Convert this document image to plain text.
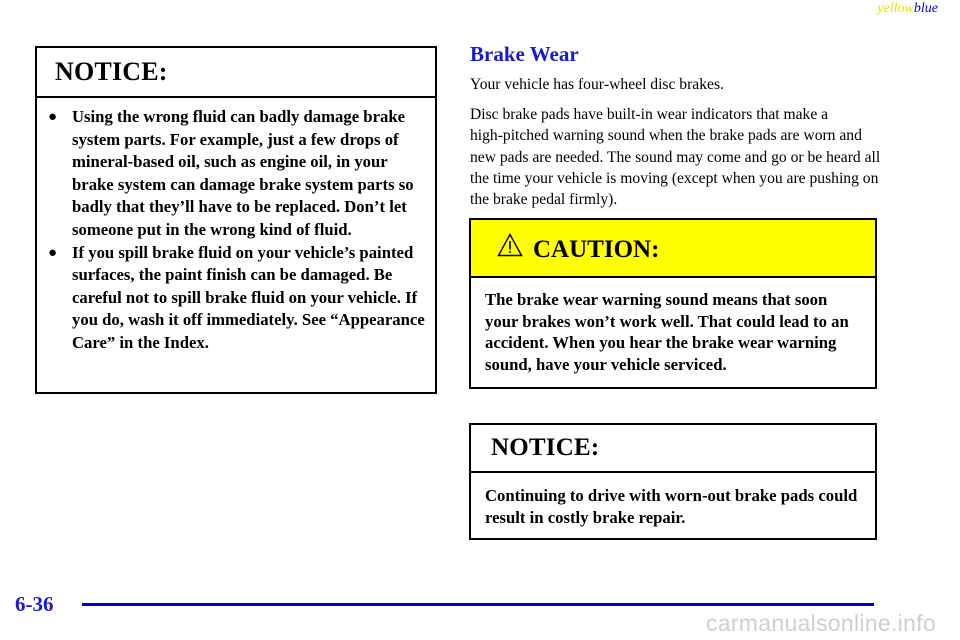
yellowblue
NOTICE:
● Using the wrong fluid can badly damage brake system parts. For example, just a few drops of mineral‑based oil, such as engine oil, in your brake system can damage brake system parts so badly that they’ll have to be replaced. Don’t let someone put in the wrong kind of fluid.
● If you spill brake fluid on your vehicle’s painted surfaces, the paint finish can be damaged. Be careful not to spill brake fluid on your vehicle. If you do, wash it off immediately. See “Appearance Care” in the Index.
Brake Wear
Your vehicle has four‑wheel disc brakes.
Disc brake pads have built‑in wear indicators that make a high‑pitched warning sound when the brake pads are worn and new pads are needed. The sound may come and go or be heard all the time your vehicle is moving (except when you are pushing on the brake pedal firmly).
CAUTION:
The brake wear warning sound means that soon your brakes won’t work well. That could lead to an accident. When you hear the brake wear warning sound, have your vehicle serviced.
NOTICE:
Continuing to drive with worn‑out brake pads could result in costly brake repair.
6-36
carmanualsonline.info
